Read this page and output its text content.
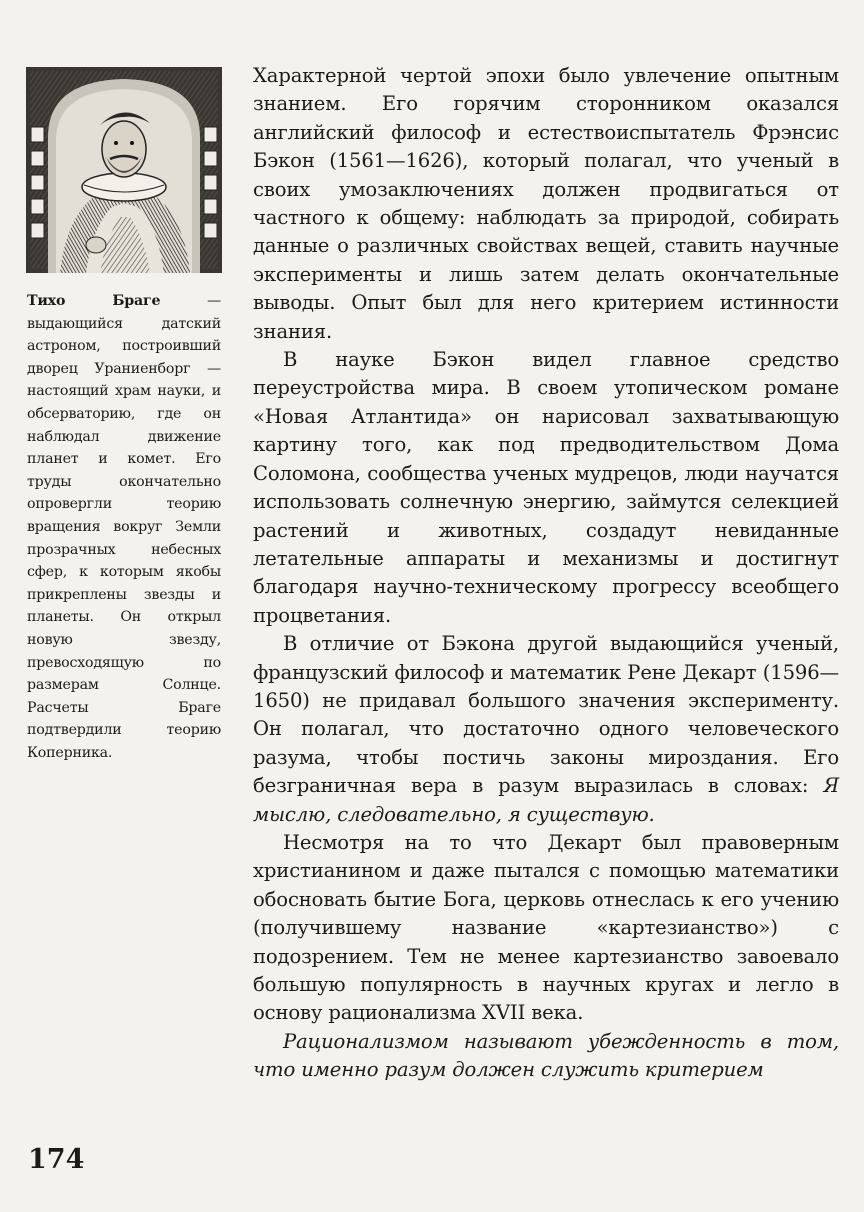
Тихо Браге — выдающийся датский астроном, построивший дворец Ураниенборг — настоящий храм науки, и обсерваторию, где он наблюдал движение планет и комет. Его труды окончательно опровергли теорию вращения вокруг Земли прозрачных небесных сфер, к которым якобы прикреплены звезды и планеты. Он открыл новую звезду, превосходящую по размерам Солнце. Расчеты Браге подтвердили теорию Коперника.

Характерной чертой эпохи было увлечение опытным знанием. Его горячим сторонником оказался английский философ и естествоиспытатель Фрэнсис Бэкон (1561—1626), который полагал, что ученый в своих умозаключениях должен продвигаться от частного к общему: наблюдать за природой, собирать данные о различных свойствах вещей, ставить научные эксперименты и лишь затем делать окончательные выводы. Опыт был для него критерием истинности знания.

В науке Бэкон видел главное средство переустройства мира. В своем утопическом романе «Новая Атлантида» он нарисовал захватывающую картину того, как под предводительством Дома Соломона, сообщества ученых мудрецов, люди научатся использовать солнечную энергию, займутся селекцией растений и животных, создадут невиданные летательные аппараты и механизмы и достигнут благодаря научно-техническому прогрессу всеобщего процветания.

В отличие от Бэкона другой выдающийся ученый, французский философ и математик Рене Декарт (1596—1650) не придавал большого значения эксперименту. Он полагал, что достаточно одного человеческого разума, чтобы постичь законы мироздания. Его безграничная вера в разум выразилась в словах: Я мыслю, следовательно, я существую.

Несмотря на то что Декарт был правоверным христианином и даже пытался с помощью математики обосновать бытие Бога, церковь отнеслась к его учению (получившему название «картезианство») с подозрением. Тем не менее картезианство завоевало большую популярность в научных кругах и легло в основу рационализма XVII века.

Рационализмом называют убежденность в том, что именно разум должен служить критерием

174
